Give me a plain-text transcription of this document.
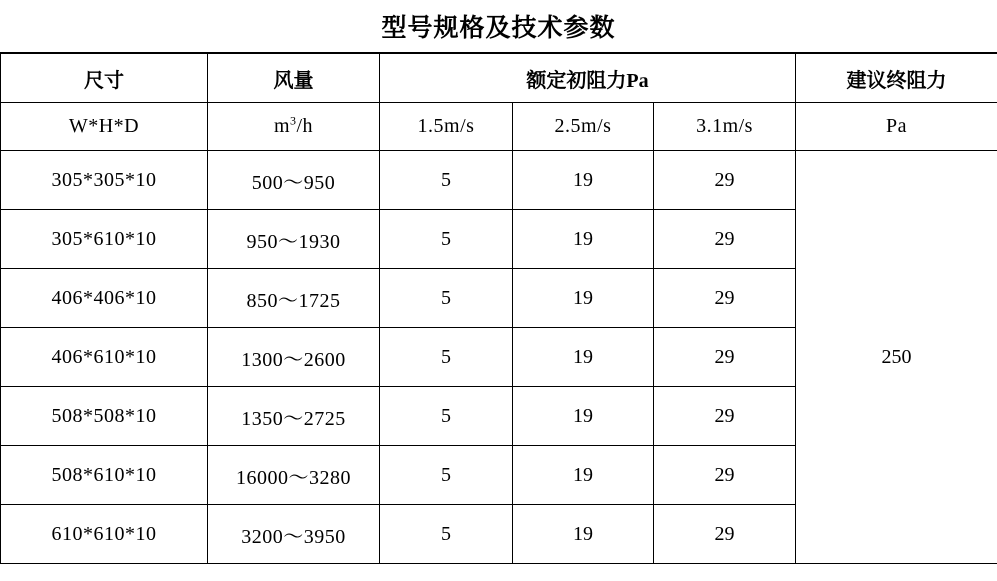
型号规格及技术参数
尺寸	风量	额定初阻力Pa			建议终阻力
W*H*D	$m^3/h$	1.5m/s	2.5m/s	3.1m/s	Pa
305*305*10	500～950	5	19	29	250
305*610*10	950～1930	5	19	29	
406*406*10	850～1725	5	19	29	
406*610*10	1300～2600	5	19	29	
508*508*10	1350～2725	5	19	29	
508*610*10	16000～3280	5	19	29	
610*610*10	3200～3950	5	19	29	
